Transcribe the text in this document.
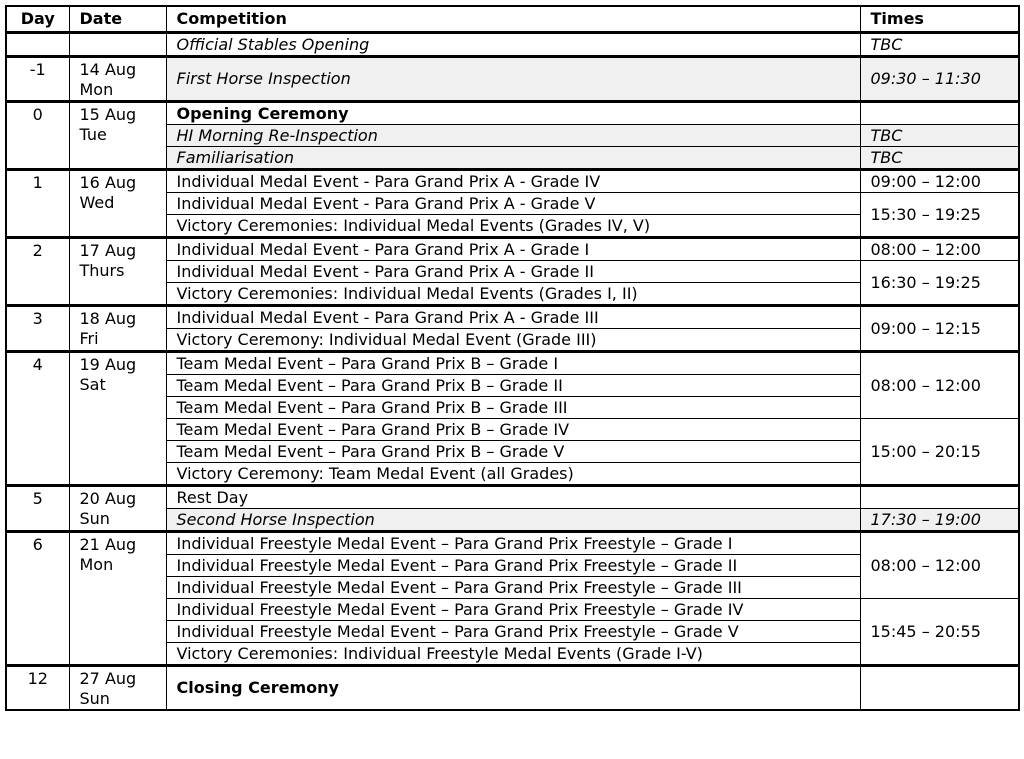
Day	Date	Competition	Times
		Official Stables Opening	TBC
-1	14 Aug Mon	First Horse Inspection	09:30 – 11:30
0	15 Aug Tue	Opening Ceremony	
		HI Morning Re-Inspection	TBC
		Familiarisation	TBC
1	16 Aug Wed	Individual Medal Event - Para Grand Prix A - Grade IV	09:00 – 12:00
		Individual Medal Event - Para Grand Prix A - Grade V	15:30 – 19:25
		Victory Ceremonies: Individual Medal Events (Grades IV, V)	
2	17 Aug Thurs	Individual Medal Event - Para Grand Prix A - Grade I	08:00 – 12:00
		Individual Medal Event - Para Grand Prix A - Grade II	16:30 – 19:25
		Victory Ceremonies: Individual Medal Events (Grades I, II)	
3	18 Aug Fri	Individual Medal Event - Para Grand Prix A - Grade III	09:00 – 12:15
		Victory Ceremony: Individual Medal Event (Grade III)	
4	19 Aug Sat	Team Medal Event – Para Grand Prix B – Grade I	08:00 – 12:00
		Team Medal Event – Para Grand Prix B – Grade II	
		Team Medal Event – Para Grand Prix B – Grade III	
		Team Medal Event – Para Grand Prix B – Grade IV	15:00 – 20:15
		Team Medal Event – Para Grand Prix B – Grade V	
		Victory Ceremony: Team Medal Event (all Grades)	
5	20 Aug Sun	Rest Day	
		Second Horse Inspection	17:30 – 19:00
6	21 Aug Mon	Individual Freestyle Medal Event – Para Grand Prix Freestyle – Grade I	08:00 – 12:00
		Individual Freestyle Medal Event – Para Grand Prix Freestyle – Grade II	
		Individual Freestyle Medal Event – Para Grand Prix Freestyle – Grade III	
		Individual Freestyle Medal Event – Para Grand Prix Freestyle – Grade IV	15:45 – 20:55
		Individual Freestyle Medal Event – Para Grand Prix Freestyle – Grade V	
		Victory Ceremonies: Individual Freestyle Medal Events (Grade I-V)	
12	27 Aug Sun	Closing Ceremony	
